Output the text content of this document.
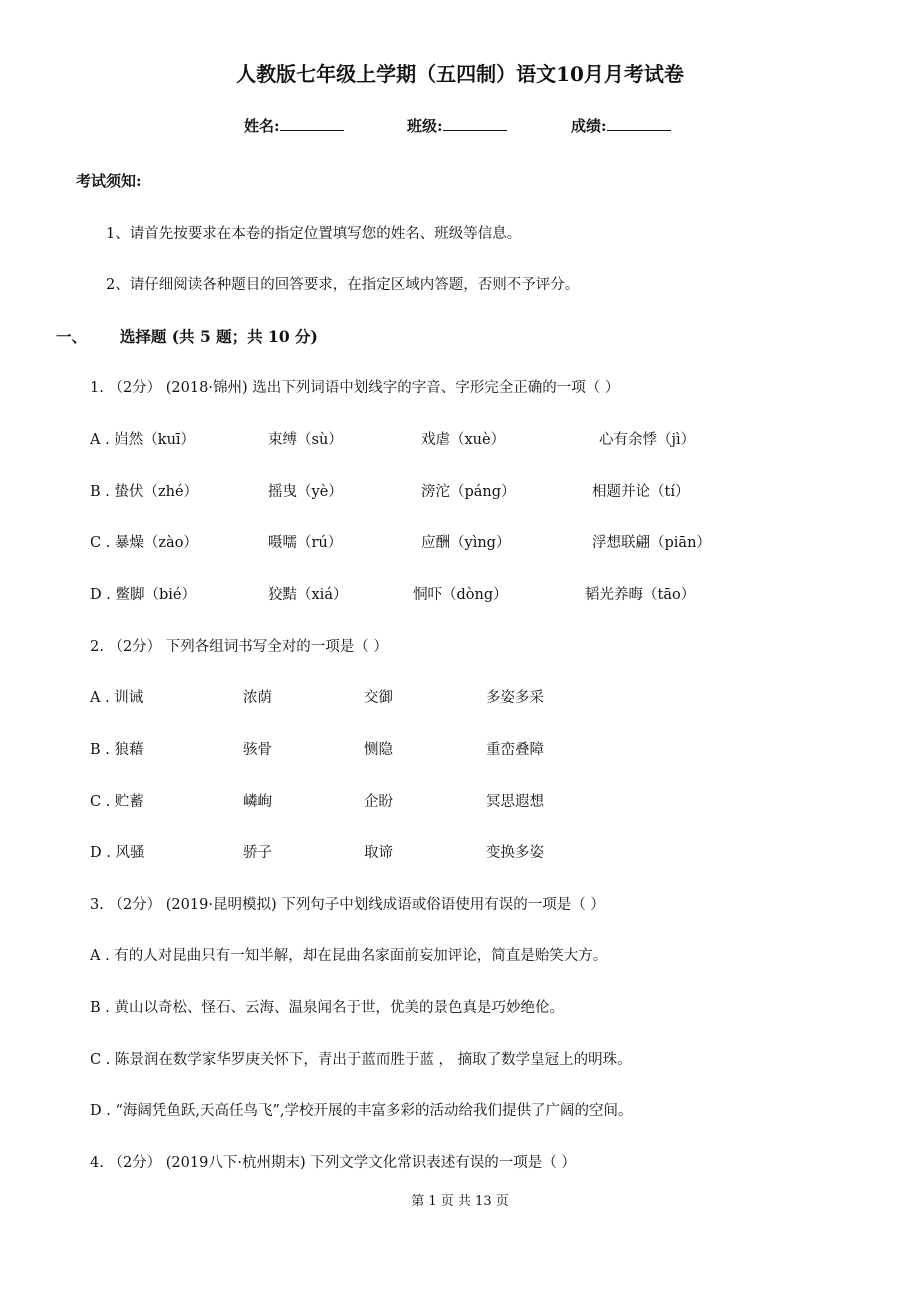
人教版七年级上学期（五四制）语文10月月考试卷
姓名:	班级:	成绩:
考试须知:
1、请首先按要求在本卷的指定位置填写您的姓名、班级等信息。
2、请仔细阅读各种题目的回答要求，在指定区域内答题，否则不予评分。
一、 选择题 (共 5 题；共 10 分)
1. （2分） (2018·锦州) 选出下列词语中划线字的字音、字形完全正确的一项（ ）
A . 岿然（kuī）	束缚（sù）	戏虐（xuè）	心有余悸（jì）
B . 蛰伏（zhé）	摇曳（yè）	滂沱（páng）	相题并论（tí）
C . 暴燥（zào）	嗫嚅（rú）	应酬（yìng）	浮想联翩（piān）
D . 鳖脚（bié）	狡黠（xiá）	恫吓（dòng）	韬光养晦（tāo）
2. （2分） 下列各组词书写全对的一项是（ ）
A . 训诫	浓荫	交御	多姿多采
B . 狼藉	骇骨	恻隐	重峦叠障
C . 贮蓄	嶙峋	企盼	冥思遐想
D . 风骚	骄子	取谛	变换多姿
3. （2分） (2019·昆明模拟) 下列句子中划线成语或俗语使用有误的一项是（ ）
A . 有的人对昆曲只有一知半解，却在昆曲名家面前妄加评论，简直是贻笑大方。
B . 黄山以奇松、怪石、云海、温泉闻名于世，优美的景色真是巧妙绝伦。
C . 陈景润在数学家华罗庚关怀下，青出于蓝而胜于蓝 ， 摘取了数学皇冠上的明珠。
D . “海阔凭鱼跃,天高任鸟飞”,学校开展的丰富多彩的活动给我们提供了广阔的空间。
4. （2分） (2019八下·杭州期末) 下列文学文化常识表述有误的一项是（ ）
第 1 页 共 13 页
